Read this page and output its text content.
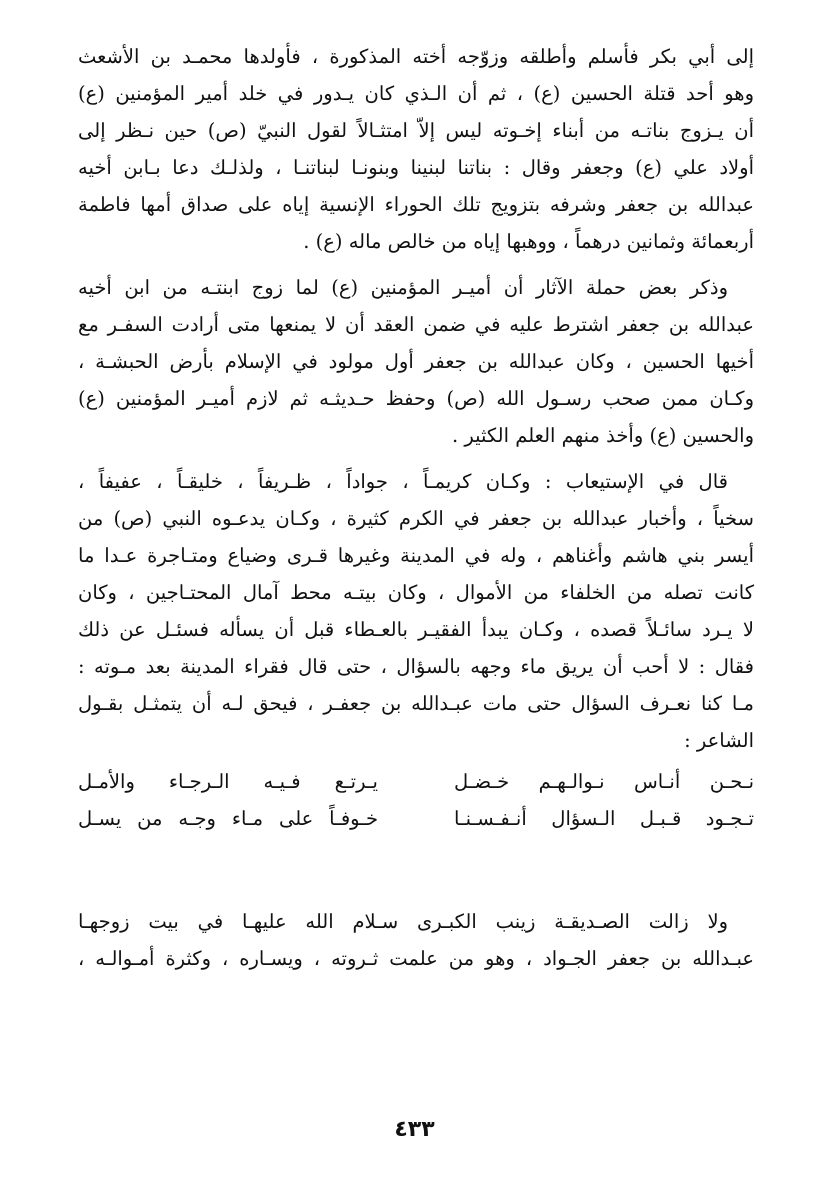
إلى أبي بكر فأسلم وأطلقه وزوّجه أخته المذكورة ، فأولدها محمـد بن الأشعث

وهو أحد قتلة الحسين (ع) ، ثم أن الـذي كان يـدور في خلد أمير المؤمنين (ع)

أن يـزوج بناتـه من أبناء إخـوته ليس إلاّ امتثـالاً لقول النبيّ (ص) حين نـظر إلى

أولاد علي (ع) وجعفر وقال : بناتنا لبنينا وبنونـا لبناتنـا ، ولذلـك دعا بـابن أخيه

عبدالله بن جعفر وشرفه بتزويج تلك الحوراء الإنسية إياه على صداق أمها فاطمة

أربعمائة وثمانين درهماً ، ووهبها إياه من خالص ماله (ع) .

وذكر بعض حملة الآثار أن أميـر المؤمنين (ع) لما زوج ابنتـه من ابن أخيه

عبدالله بن جعفر اشترط عليه في ضمن العقد أن لا يمنعها متى أرادت السفـر مع

أخيها الحسين ، وكان عبدالله بن جعفر أول مولود في الإسلام بأرض الحبشـة ،

وكـان ممن صحب رسـول الله (ص) وحفظ حـديثـه ثم لازم أميـر المؤمنين (ع)

والحسين (ع) وأخذ منهم العلم الكثير .

قال في الإستيعاب : وكـان كريمـاً ، جواداً ، ظـريفاً ، خليقـاً ، عفيفاً ،

سخياً ، وأخبار عبدالله بن جعفر في الكرم كثيرة ، وكـان يدعـوه النبي (ص) من

أيسر بني هاشم وأغناهم ، وله في المدينة وغيرها قـرى وضياع ومتـاجرة عـدا ما

كانت تصله من الخلفاء من الأموال ، وكان بيتـه محط آمال المحتـاجين ، وكان

لا يـرد سائـلاً قصده ، وكـان يبدأ الفقيـر بالعـطاء قبل أن يسأله فسئـل عن ذلك

فقال : لا أحب أن يريق ماء وجهه بالسؤال ، حتى قال فقراء المدينة بعد مـوته :

مـا كنا نعـرف السؤال حتى مات عبـدالله بن جعفـر ، فيحق لـه أن يتمثـل بقـول

الشاعر :

نـحـن أنـاس نـوالـهـم خـضـل
يـرتـع فـيـه الـرجـاء والأمـل
تـجـود قـبـل الـسؤال أنـفـسـنـا
خـوفـاً على مـاء وجـه من يسـل

ولا زالت الصـديقـة زينب الكبـرى سـلام الله عليهـا في بيت زوجهـا

عبـدالله بن جعفر الجـواد ، وهو من علمت ثـروته ، ويسـاره ، وكثرة أمـوالـه ،

٤٣٣
